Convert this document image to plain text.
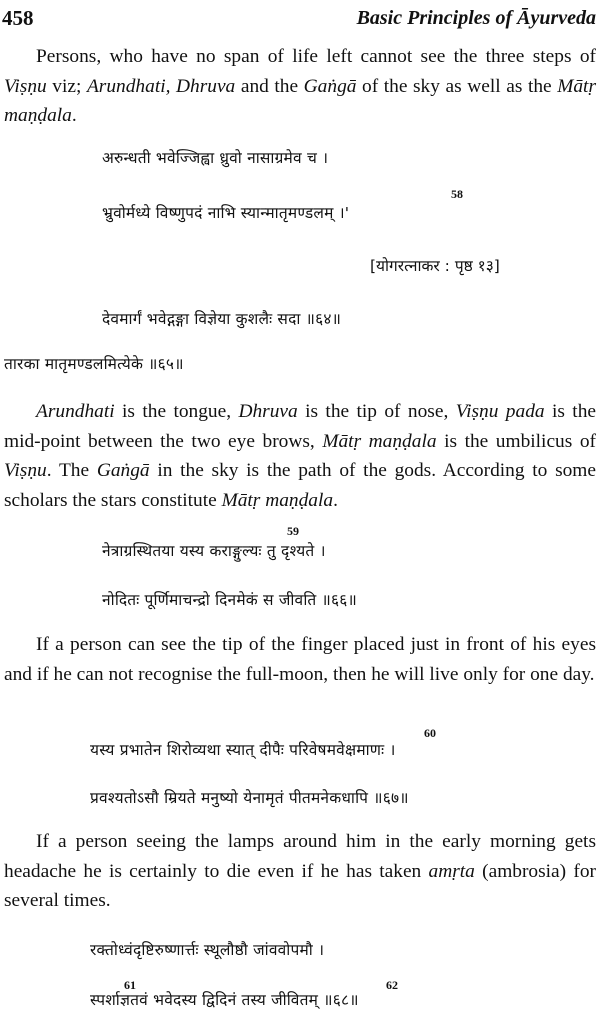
458	Basic Principles of Āyurveda

Persons, who have no span of life left cannot see the three steps of Viṣṇu viz; Arundhati, Dhruva and the Gaṅgā of the sky as well as the Mātṛ maṇḍala.

अरुन्धती भवेज्जिह्वा ध्रुवो नासाग्रमेव च ।
58
भ्रुवोर्मध्ये विष्णुपदं नाभि स्यान्मातृमण्डलम् ।'
[योगरत्नाकर : पृष्ठ १३]
देवमार्गं भवेद्गङ्गा विज्ञेया कुशलैः सदा ॥६४॥
तारका मातृमण्डलमित्येके ॥६५॥

Arundhati is the tongue, Dhruva is the tip of nose, Viṣṇu pada is the mid-point between the two eye brows, Mātṛ maṇḍala is the umbilicus of Viṣṇu. The Gaṅgā in the sky is the path of the gods. According to some scholars the stars constitute Mātṛ maṇḍala.

59
नेत्राग्रस्थितया यस्य कराङ्गुल्यः तु दृश्यते ।
नोदितः पूर्णिमाचन्द्रो दिनमेकं स जीवति ॥६६॥

If a person can see the tip of the finger placed just in front of his eyes and if he can not recognise the full-moon, then he will live only for one day.

60
यस्य प्रभातेन शिरोव्यथा स्यात् दीपैः परिवेषमवेक्षमाणः ।
प्रवश्यतोऽसौ म्रियते मनुष्यो येनामृतं पीतमनेकधापि ॥६७॥

If a person seeing the lamps around him in the early morning gets headache he is certainly to die even if he has taken amṛta (ambrosia) for several times.

रक्तोध्वंदृष्टिरुष्णार्त्तः स्थूलौष्ठौ जांववोपमौ ।
61	62
स्पर्शाज्ञतवं भवेदस्य द्विदिनं तस्य जीवितम् ॥६८॥
